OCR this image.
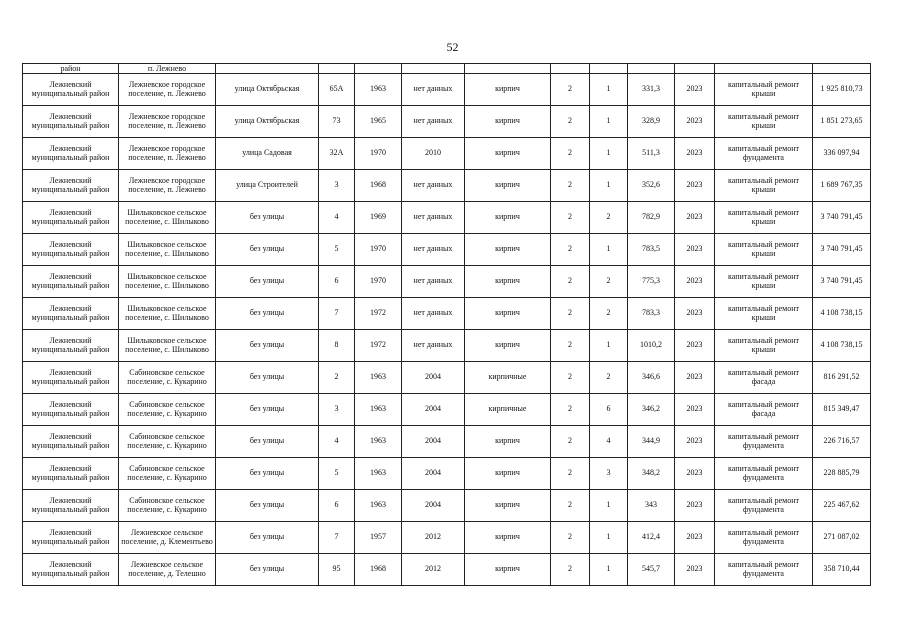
52
район	п. Лежнево											
Лежневский муниципальный район	Лежневское городское поселение, п. Лежнево	улица Октябрьская	65А	1963	нет данных	кирпич	2	1	331,3	2023	капитальный ремонт крыши	1 925 810,73
Лежневский муниципальный район	Лежневское городское поселение, п. Лежнево	улица Октябрьская	73	1965	нет данных	кирпич	2	1	328,9	2023	капитальный ремонт крыши	1 851 273,65
Лежневский муниципальный район	Лежневское городское поселение, п. Лежнево	улица Садовая	32А	1970	2010	кирпич	2	1	511,3	2023	капитальный ремонт фундамента	336 097,94
Лежневский муниципальный район	Лежневское городское поселение, п. Лежнево	улица Строителей	3	1968	нет данных	кирпич	2	1	352,6	2023	капитальный ремонт крыши	1 689 767,35
Лежневский муниципальный район	Шилыковское сельское поселение, с. Шилыково	без улицы	4	1969	нет данных	кирпич	2	2	782,9	2023	капитальный ремонт крыши	3 740 791,45
Лежневский муниципальный район	Шилыковское сельское поселение, с. Шилыково	без улицы	5	1970	нет данных	кирпич	2	1	783,5	2023	капитальный ремонт крыши	3 740 791,45
Лежневский муниципальный район	Шилыковское сельское поселение, с. Шилыково	без улицы	6	1970	нет данных	кирпич	2	2	775,3	2023	капитальный ремонт крыши	3 740 791,45
Лежневский муниципальный район	Шилыковское сельское поселение, с. Шилыково	без улицы	7	1972	нет данных	кирпич	2	2	783,3	2023	капитальный ремонт крыши	4 108 738,15
Лежневский муниципальный район	Шилыковское сельское поселение, с. Шилыково	без улицы	8	1972	нет данных	кирпич	2	1	1010,2	2023	капитальный ремонт крыши	4 108 738,15
Лежневский муниципальный район	Сабиновское сельское поселение, с. Кукарино	без улицы	2	1963	2004	кирпичные	2	2	346,6	2023	капитальный ремонт фасада	816 291,52
Лежневский муниципальный район	Сабиновское сельское поселение, с. Кукарино	без улицы	3	1963	2004	кирпичные	2	6	346,2	2023	капитальный ремонт фасада	815 349,47
Лежневский муниципальный район	Сабиновское сельское поселение, с. Кукарино	без улицы	4	1963	2004	кирпич	2	4	344,9	2023	капитальный ремонт фундамента	226 716,57
Лежневский муниципальный район	Сабиновское сельское поселение, с. Кукарино	без улицы	5	1963	2004	кирпич	2	3	348,2	2023	капитальный ремонт фундамента	228 885,79
Лежневский муниципальный район	Сабиновское сельское поселение, с. Кукарино	без улицы	6	1963	2004	кирпич	2	1	343	2023	капитальный ремонт фундамента	225 467,62
Лежневский муниципальный район	Лежневское сельское поселение, д. Клементьево	без улицы	7	1957	2012	кирпич	2	1	412,4	2023	капитальный ремонт фундамента	271 087,02
Лежневский муниципальный район	Лежневское сельское поселение, д. Телешно	без улицы	95	1968	2012	кирпич	2	1	545,7	2023	капитальный ремонт фундамента	358 710,44
